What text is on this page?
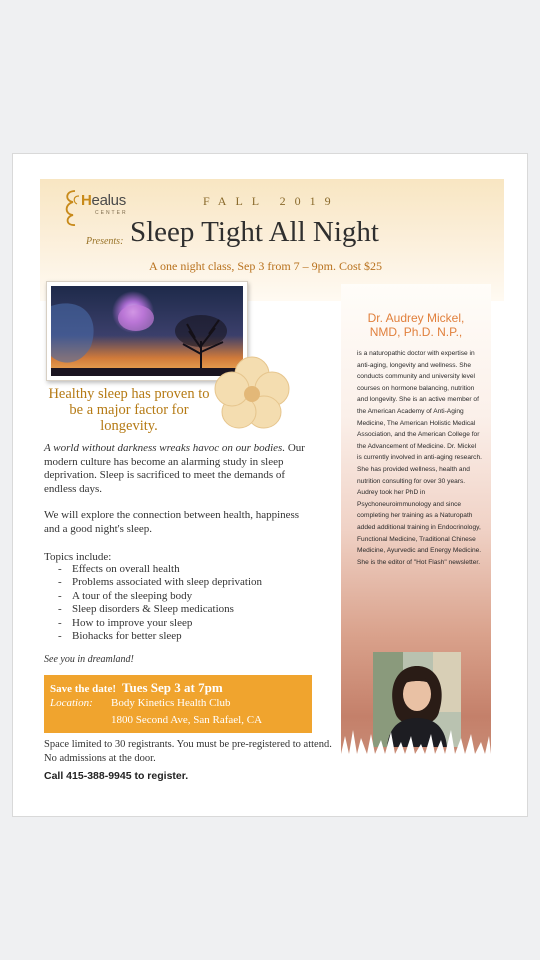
Healus
CENTER
FALL 2019
Presents: Sleep Tight All Night
A one night class, Sep 3 from 7 – 9pm. Cost $25
Healthy sleep has proven to be a major factor for longevity.
A world without darkness wreaks havoc on our bodies. Our modern culture has become an alarming study in sleep deprivation. Sleep is sacrificed to meet the demands of endless days.
We will explore the connection between health, happiness and a good night's sleep.
Topics include:
- Effects on overall health
- Problems associated with sleep deprivation
- A tour of the sleeping body
- Sleep disorders & Sleep medications
- How to improve your sleep
- Biohacks for better sleep
See you in dreamland!
Save the date! Tues Sep 3 at 7pm
Location: Body Kinetics Health Club
1800 Second Ave, San Rafael, CA
Space limited to 30 registrants. You must be pre-registered to attend. No admissions at the door.
Call 415-388-9945 to register.
Dr. Audrey Mickel,
NMD, Ph.D. N.P.,
is a naturopathic doctor with expertise in anti-aging, longevity and wellness. She conducts community and university level courses on hormone balancing, nutrition and longevity. She is an active member of the American Academy of Anti-Aging Medicine, The American Holistic Medical Association, and the American College for the Advancement of Medicine. Dr. Mickel is currently involved in anti-aging research. She has provided wellness, health and nutrition consulting for over 30 years. Audrey took her PhD in Psychoneuroimmunology and since completing her training as a Naturopath added additional training in Endocrinology, Functional Medicine, Traditional Chinese Medicine, Ayurvedic and Energy Medicine. She is the editor of "Hot Flash" newsletter.
